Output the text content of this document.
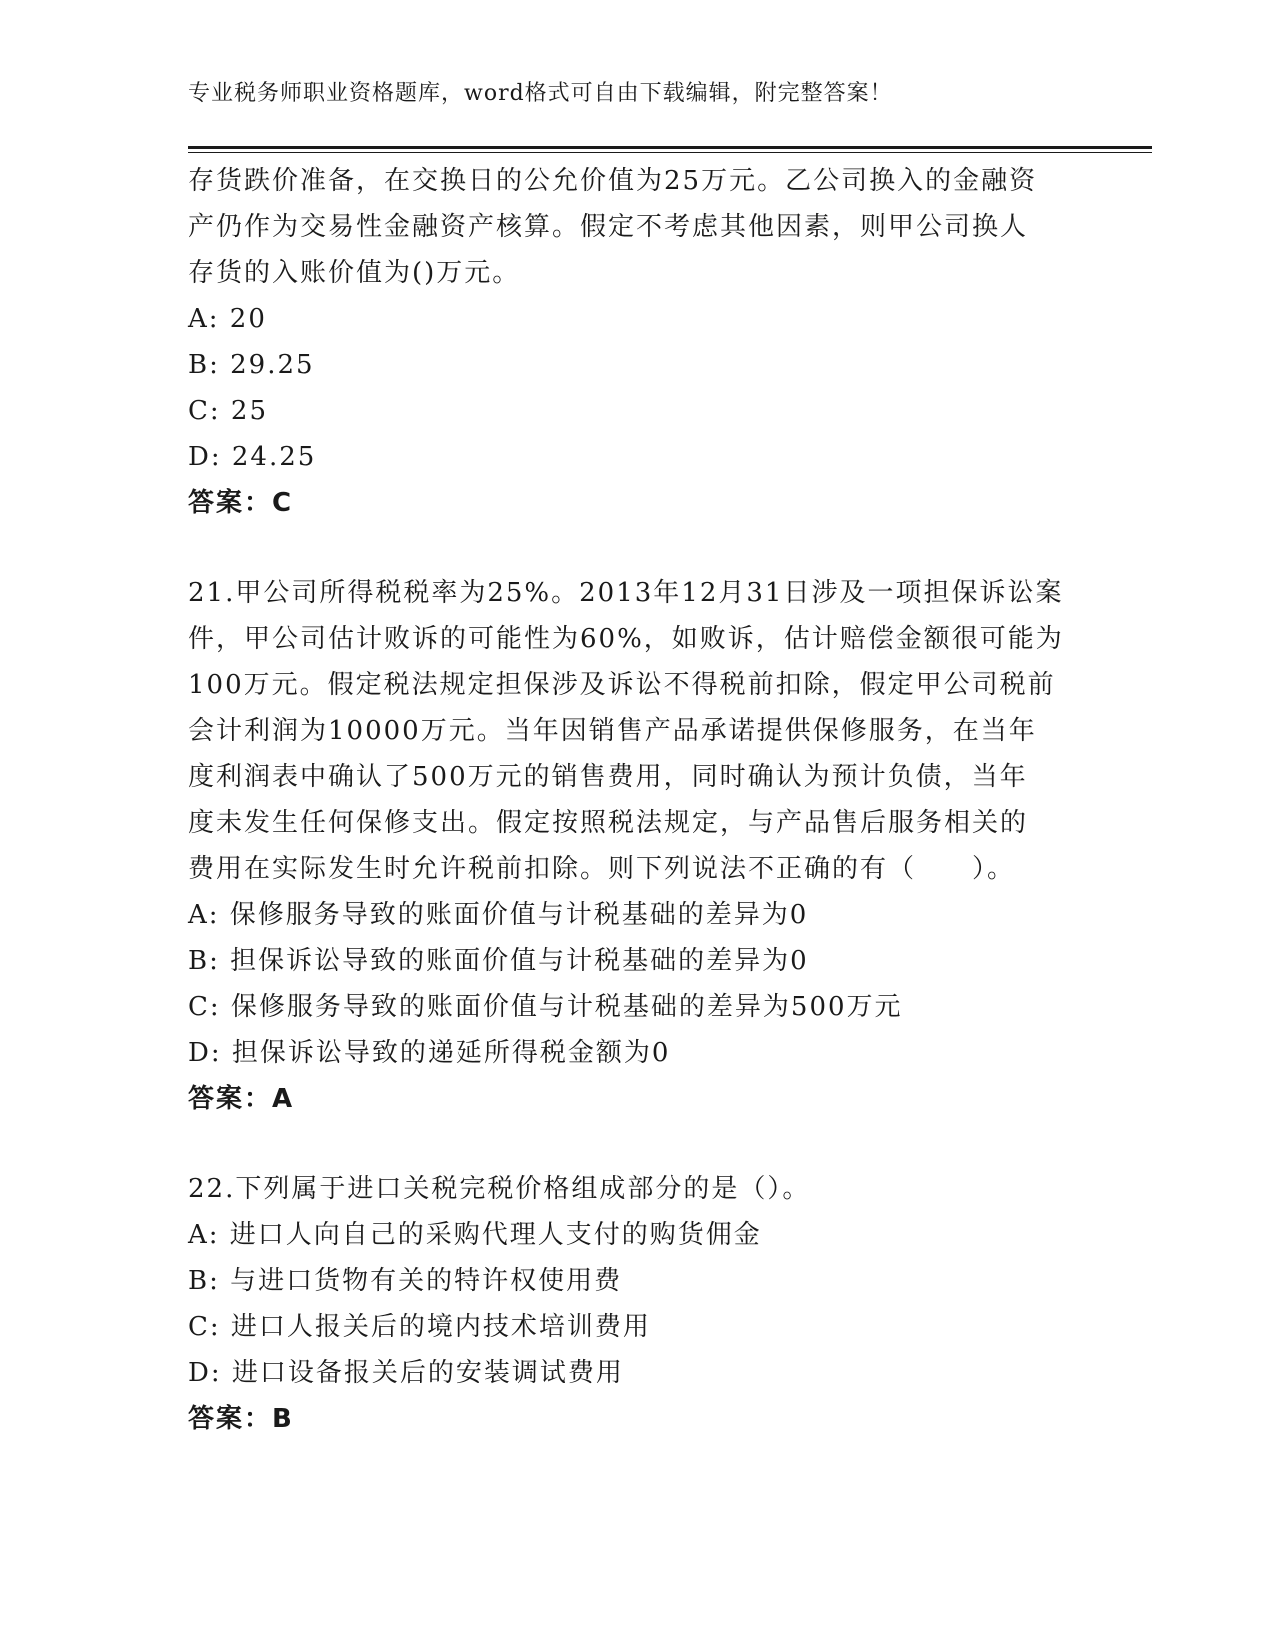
专业税务师职业资格题库，word格式可自由下载编辑，附完整答案！
存货跌价准备，在交换日的公允价值为25万元。乙公司换入的金融资
产仍作为交易性金融资产核算。假定不考虑其他因素，则甲公司换人
存货的入账价值为()万元。
A: 20
B: 29.25
C: 25
D: 24.25
答案：C
21.甲公司所得税税率为25%。2013年12月31日涉及一项担保诉讼案
件，甲公司估计败诉的可能性为60%，如败诉，估计赔偿金额很可能为
100万元。假定税法规定担保涉及诉讼不得税前扣除，假定甲公司税前
会计利润为10000万元。当年因销售产品承诺提供保修服务，在当年
度利润表中确认了500万元的销售费用，同时确认为预计负债，当年
度未发生任何保修支出。假定按照税法规定，与产品售后服务相关的
费用在实际发生时允许税前扣除。则下列说法不正确的有（　　）。
A: 保修服务导致的账面价值与计税基础的差异为0
B: 担保诉讼导致的账面价值与计税基础的差异为0
C: 保修服务导致的账面价值与计税基础的差异为500万元
D: 担保诉讼导致的递延所得税金额为0
答案：A
22.下列属于进口关税完税价格组成部分的是（）。
A: 进口人向自己的采购代理人支付的购货佣金
B: 与进口货物有关的特许权使用费
C: 进口人报关后的境内技术培训费用
D: 进口设备报关后的安装调试费用
答案：B
